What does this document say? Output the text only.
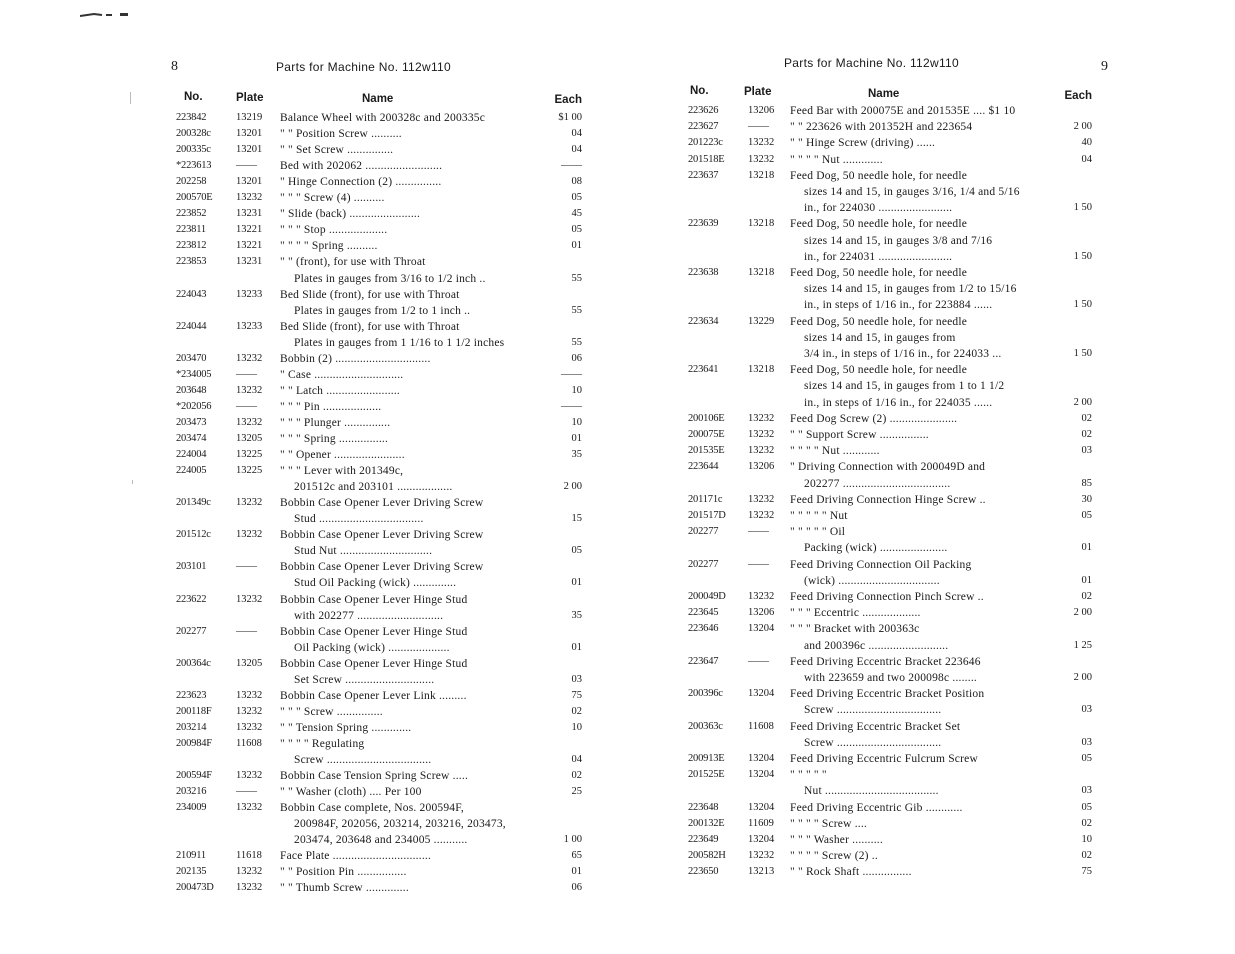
8	Parts for Machine No. 112w110
No.	Plate	Name	Each
223842	13219	Balance Wheel with 200328c and 200335c	$1 00
200328c	13201	" " Position Screw ..........	04
200335c	13201	" " Set Screw ...............	04
*223613	——	Bed with 202062 .........................	——
202258	13201	" Hinge Connection (2) ...............	08
200570E	13232	" " " Screw (4) ..........	05
223852	13231	" Slide (back) .......................	45
223811	13221	" " " Stop ...................	05
223812	13221	" " " " Spring ..........	01
223853	13231	" " (front), for use with Throat
Plates in gauges from 3/16 to 1/2 inch ..	55
224043	13233	Bed Slide (front), for use with Throat
Plates in gauges from 1/2 to 1 inch ..	55
224044	13233	Bed Slide (front), for use with Throat
Plates in gauges from 1 1/16 to 1 1/2 inches	55
203470	13232	Bobbin (2) ...............................	06
*234005	——	" Case .............................	——
203648	13232	" " Latch ........................	10
*202056	——	" " " Pin ...................	——
203473	13232	" " " Plunger ...............	10
203474	13205	" " " Spring ................	01
224004	13225	" " Opener .......................	35
224005	13225	" " " Lever with 201349c,
201512c and 203101 ..................	2 00
201349c	13232	Bobbin Case Opener Lever Driving Screw
Stud ..................................	15
201512c	13232	Bobbin Case Opener Lever Driving Screw
Stud Nut ..............................	05
203101	——	Bobbin Case Opener Lever Driving Screw
Stud Oil Packing (wick) ..............	01
223622	13232	Bobbin Case Opener Lever Hinge Stud
with 202277 ............................	35
202277	——	Bobbin Case Opener Lever Hinge Stud
Oil Packing (wick) ....................	01
200364c	13205	Bobbin Case Opener Lever Hinge Stud
Set Screw .............................	03
223623	13232	Bobbin Case Opener Lever Link .........	75
200118F	13232	" " " Screw ...............	02
203214	13232	" " Tension Spring .............	10
200984F	11608	" " " " Regulating
Screw ..................................	04
200594F	13232	Bobbin Case Tension Spring Screw .....	02
203216	——	" " Washer (cloth) .... Per 100	25
234009	13232	Bobbin Case complete, Nos. 200594F,
200984F, 202056, 203214, 203216, 203473,
203474, 203648 and 234005 ...........	1 00
210911	11618	Face Plate ................................	65
202135	13232	" " Position Pin ................	01
200473D	13232	" " Thumb Screw ..............	06
9
Parts for Machine No. 112w110
No.	Plate	Name	Each
223626	13206	Feed Bar with 200075E and 201535E .... $1 10
223627	——	" " 223626 with 201352H and 223654	2 00
201223c	13232	" " Hinge Screw (driving) ......	40
201518E	13232	" " " " Nut .............	04
223637	13218	Feed Dog, 50 needle hole, for needle
sizes 14 and 15, in gauges 3/16, 1/4 and 5/16
in., for 224030 ........................	1 50
223639	13218	Feed Dog, 50 needle hole, for needle
sizes 14 and 15, in gauges 3/8 and 7/16
in., for 224031 ........................	1 50
223638	13218	Feed Dog, 50 needle hole, for needle
sizes 14 and 15, in gauges from 1/2 to 15/16
in., in steps of 1/16 in., for 223884 ......	1 50
223634	13229	Feed Dog, 50 needle hole, for needle
sizes 14 and 15, in gauges from
3/4 in., in steps of 1/16 in., for 224033 ...	1 50
223641	13218	Feed Dog, 50 needle hole, for needle
sizes 14 and 15, in gauges from 1 to 1 1/2
in., in steps of 1/16 in., for 224035 ......	2 00
200106E	13232	Feed Dog Screw (2) ......................	02
200075E	13232	" " Support Screw ................	02
201535E	13232	" " " " Nut ............	03
223644	13206	" Driving Connection with 200049D and
202277 ...................................	85
201171c	13232	Feed Driving Connection Hinge Screw ..	30
201517D	13232	" " " " " Nut	05
202277	——	" " " " " Oil
Packing (wick) ......................	01
202277	——	Feed Driving Connection Oil Packing
(wick) .................................	01
200049D	13232	Feed Driving Connection Pinch Screw ..	02
223645	13206	" " " Eccentric ...................	2 00
223646	13204	" " " Bracket with 200363c
and 200396c ..........................	1 25
223647	——	Feed Driving Eccentric Bracket 223646
with 223659 and two 200098c ........	2 00
200396c	13204	Feed Driving Eccentric Bracket Position
Screw ..................................	03
200363c	11608	Feed Driving Eccentric Bracket Set
Screw ..................................	03
200913E	13204	Feed Driving Eccentric Fulcrum Screw	05
201525E	13204	" " " " "
Nut .....................................	03
223648	13204	Feed Driving Eccentric Gib ............	05
200132E	11609	" " " " Screw ....	02
223649	13204	" " " Washer ..........	10
200582H	13232	" " " " Screw (2) ..	02
223650	13213	" " Rock Shaft ................	75
